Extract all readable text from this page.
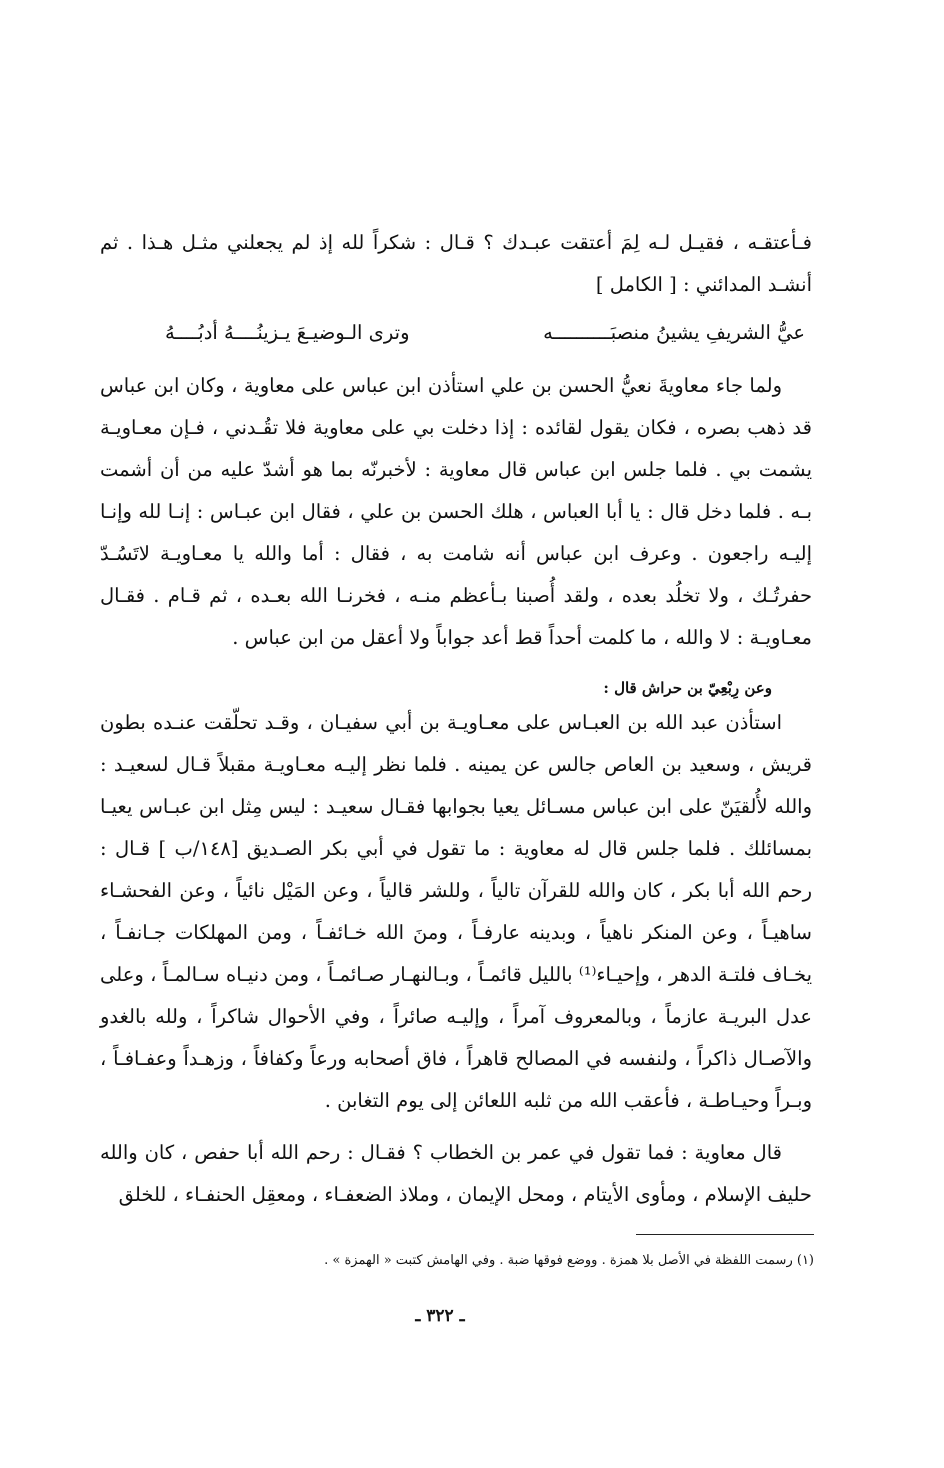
فـأعتقـه ، فقيـل لـه لِمَ أعتقت عبـدك ؟ قـال : شكراً لله إذ لم يجعلني مثـل هـذا . ثم أنشـد المدائني : [ الكامل ]

عيُّ الشريفِ يشينُ منصبَــــــــــه
وترى الـوضيـعَ يـزينُــــهُ أدبُــــهُ

ولما جاء معاويةَ نعيُّ الحسن بن علي استأذن ابن عباس على معاوية ، وكان ابن عباس قد ذهب بصره ، فكان يقول لقائده : إذا دخلت بي على معاوية فلا تقُـدني ، فـإن معـاويـة يشمت بي . فلما جلس ابن عباس قال معاوية : لأخبرنّه بما هو أشدّ عليه من أن أشمت بـه . فلما دخل قال : يا أبا العباس ، هلك الحسن بن علي ، فقال ابن عبـاس : إنـا لله وإنـا إليـه راجعون . وعرف ابن عباس أنه شامت به ، فقال : أما والله يا معـاويـة لاتَسُـدّ حفرتُـك ، ولا تخلُد بعده ، ولقد أُصبنا بـأعظم منـه ، فخرنـا الله بعـده ، ثم قـام . فقـال معـاويـة : لا والله ، ما كلمت أحداً قط أعد جواباً ولا أعقل من ابن عباس .

وعن رِبْعِيّ بن حراش قال :

استأذن عبد الله بن العبـاس على معـاويـة بن أبي سفيـان ، وقـد تحلّقت عنـده بطون قريش ، وسعيد بن العاص جالس عن يمينه . فلما نظر إليـه معـاويـة مقبلاً قـال لسعيـد : والله لأُلقيَنّ على ابن عباس مسـائل يعيا بجوابها فقـال سعيـد : ليس مِثل ابن عبـاس يعيـا بمسائلك . فلما جلس قال له معاوية : ما تقول في أبي بكر الصـديق [١٤٨/ب ] قـال : رحم الله أبا بكر ، كان والله للقرآن تالياً ، وللشر قالياً ، وعن المَيْل نائياً ، وعن الفحشـاء ساهيـاً ، وعن المنكر ناهياً ، وبدينه عارفـاً ، ومنَ الله خـائفـاً ، ومن المهلكات جـانفـاً ، يخـاف فلتـة الدهر ، وإحيـاء⁽¹⁾ بالليل قائمـاً ، وبـالنهـار صـائمـاً ، ومن دنيـاه سـالمـاً ، وعلى عدل البريـة عازماً ، وبالمعروف آمراً ، وإليـه صائراً ، وفي الأحوال شاكراً ، ولله بالغدو والآصـال ذاكراً ، ولنفسه في المصالح قاهراً ، فاق أصحابه ورعاً وكفافاً ، وزهـداً وعفـافـاً ، وبـراً وحيـاطـة ، فأعقب الله من ثلبه اللعائن إلى يوم التغابن .

قال معاوية : فما تقول في عمر بن الخطاب ؟ فقـال : رحم الله أبا حفص ، كان والله حليف الإسلام ، ومأوى الأيتام ، ومحل الإيمان ، وملاذ الضعفـاء ، ومعقِل الحنفـاء ، للخلق

(١) رسمت اللفظة في الأصل بلا همزة . ووضع فوقها ضبة . وفي الهامش كتبت « الهمزة » .
ـ ٣٢٢ ـ
